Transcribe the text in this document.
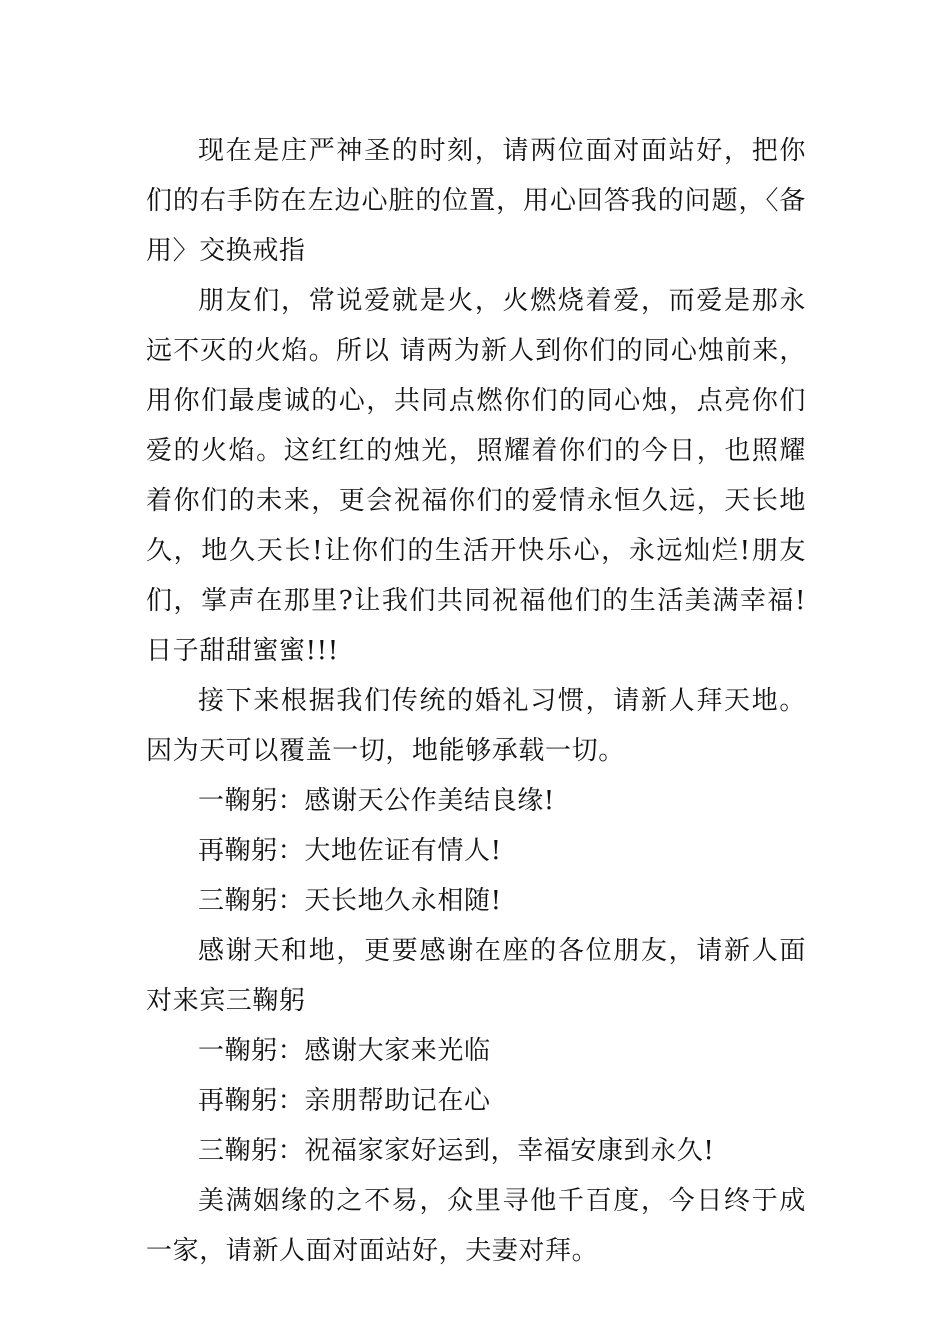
现在是庄严神圣的时刻，请两位面对面站好，把你们的右手防在左边心脏的位置，用心回答我的问题，〈备用〉交换戒指

朋友们，常说爱就是火，火燃烧着爱，而爱是那永远不灭的火焰。所以 请两为新人到你们的同心烛前来，用你们最虔诚的心，共同点燃你们的同心烛，点亮你们爱的火焰。这红红的烛光，照耀着你们的今日，也照耀着你们的未来，更会祝福你们的爱情永恒久远，天长地久，地久天长!让你们的生活开快乐心，永远灿烂!朋友们，掌声在那里?让我们共同祝福他们的生活美满幸福!日子甜甜蜜蜜!!!

接下来根据我们传统的婚礼习惯，请新人拜天地。因为天可以覆盖一切，地能够承载一切。

一鞠躬：感谢天公作美结良缘!

再鞠躬：大地佐证有情人!

三鞠躬：天长地久永相随!

感谢天和地，更要感谢在座的各位朋友，请新人面对来宾三鞠躬

一鞠躬：感谢大家来光临

再鞠躬：亲朋帮助记在心

三鞠躬：祝福家家好运到，幸福安康到永久!

美满姻缘的之不易，众里寻他千百度，今日终于成一家，请新人面对面站好，夫妻对拜。
